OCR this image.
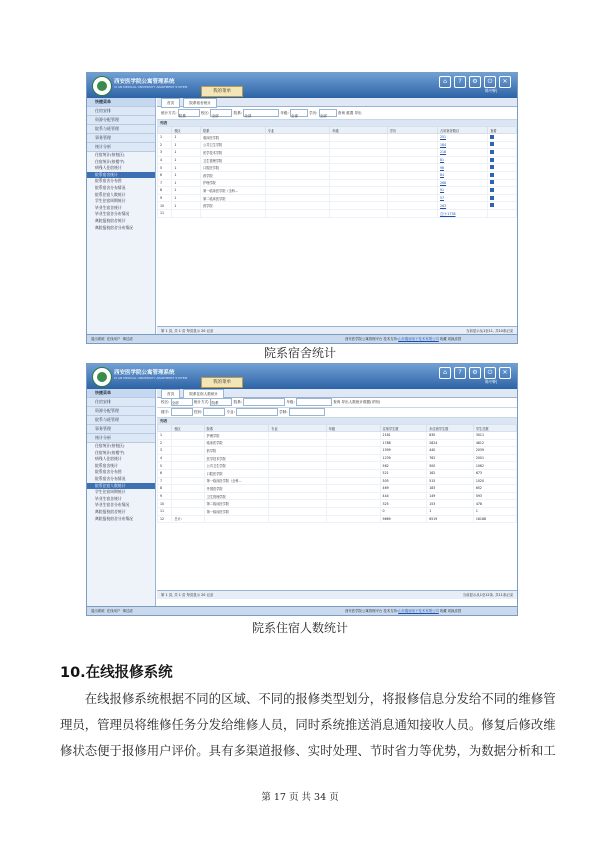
西安医学院公寓管理系统
XI AN MEDICAL UNIVERSITY APARTMENT SYSTEM
我的菜单
⌂	?	⚙	⏻	✕
陈中帆
快捷菜单
住宿安排
资源分配管理
院系与班管理
事务管理
统计分析
住宿统计(按校区)
住宿统计(按楼宇)
病残人住宿统计
院系宿舍统计
院系宿舍分布图
院系宿舍分布情况
院系住宿人数统计
学生住宿周期统计
毕业生宿舍统计
毕业生宿舍分布情况
离院报校宿舍统计
离院报校宿舍分布情况
首页	院系宿舍统计
统计方式: 院系 校区: 全部 院系: 全部 年级: 全部 学历: 全部 查询 重置 导出
列表
	校区	院系	专业	年级	学历	占用宿舍数目	查看
1	1	临床医学院				251	
2	1	公共卫生学院				184	
3	1	医学技术学院				218	
4	1	卫生管理学院				81	
5	1	口腔医学院				96	
6	1	药学院				84	
7	1	护理学院				268	
8	1	第一临床医学院（全科...				91	
9	1	第二临床医学院				57	
10	1	药学院				263	
11						总计:1738	
第 1 页, 共 1 页 每页显示 20 记录	当前显示从1至11, 共10条记录
退出系统 在线用户 事过滤	西安医学院公寓管理平台 技术支持:山东鑫迪电子技术有限公司 收藏 切换皮肤
院系宿舍统计
西安医学院公寓管理系统
XI AN MEDICAL UNIVERSITY APARTMENT SYSTEM
我的菜单
⌂	?	⚙	⏻	✕
陈中帆
快捷菜单
住宿安排
资源分配管理
院系与班管理
事务管理
统计分析
住宿统计(按校区)
住宿统计(按楼宇)
病残人住宿统计
院系宿舍统计
院系宿舍分布图
院系宿舍分布情况
院系住宿人数统计
学生住宿周期统计
毕业生宿舍统计
毕业生宿舍分布情况
离院报校宿舍统计
离院报校宿舍分布情况
首页	院系住宿人数统计
校区: 全部	统计方式: 院系	院系:	年级:	查询 导出人数统计数据(详细)
楼宇:	性别:	专业:	学制:
列表
	校区	院系	专业	年级	住宿学生数	未住宿学生数	学生总数
1		护理学院			2181	830	3011
2		临床医学院			1788	2824	4612
3		药学院			1599	440	2039
4		医学技术学院			1239	762	2001
5		公共卫生学院			562	500	1062
6		口腔医学院			521	162	673
7		第一临床医学院（全科...			505	515	1020
8		外国语学院			469	183	652
9		卫生管理学院			444	149	593
10		第二临床医学院			325	153	478
11		第一临床医学院			0	1	1
12	总计:				9669	6519	16188
第 1 页, 共 1 页 每页显示 20 记录	当前显示从1至12条, 共11条记录
退出系统 在线用户 事过滤	西安医学院公寓管理平台 技术支持:山东鑫迪电子技术有限公司 收藏 切换皮肤
院系住宿人数统计
10.在线报修系统

　　在线报修系统根据不同的区域、不同的报修类型划分，将报修信息分发给不同的维修管
理员，管理员将维修任务分发给维修人员，同时系统推送消息通知接收人员。修复后修改维
修状态便于报修用户评价。具有多渠道报修、实时处理、节时省力等优势，为数据分析和工

第 17 页 共 34 页
